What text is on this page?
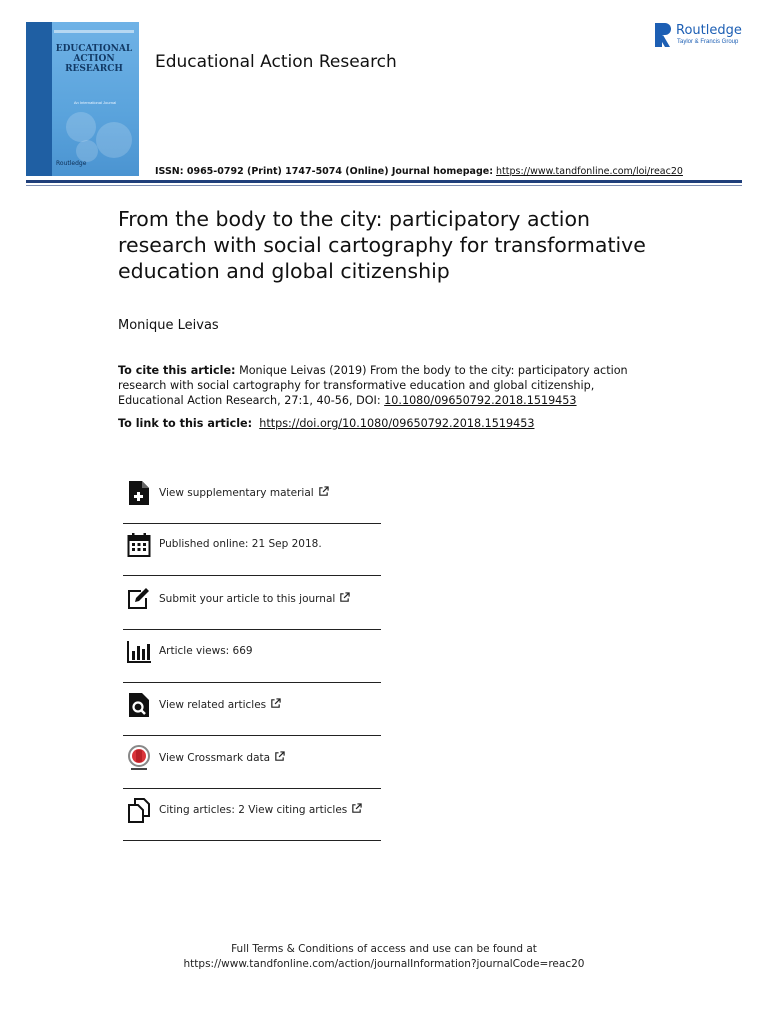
EDUCATIONAL
ACTION
RESEARCH
An International Journal
Routledge
Educational Action Research
Routledge
Taylor & Francis Group
ISSN: 0965-0792 (Print) 1747-5074 (Online) Journal homepage: https://www.tandfonline.com/loi/reac20
From the body to the city: participatory action research with social cartography for transformative education and global citizenship
Monique Leivas
To cite this article: Monique Leivas (2019) From the body to the city: participatory action research with social cartography for transformative education and global citizenship, Educational Action Research, 27:1, 40-56, DOI: 10.1080/09650792.2018.1519453
To link to this article: https://doi.org/10.1080/09650792.2018.1519453
View supplementary material
Published online: 21 Sep 2018.
Submit your article to this journal
Article views: 669
View related articles
View Crossmark data
Citing articles: 2 View citing articles
Full Terms & Conditions of access and use can be found at
https://www.tandfonline.com/action/journalInformation?journalCode=reac20
